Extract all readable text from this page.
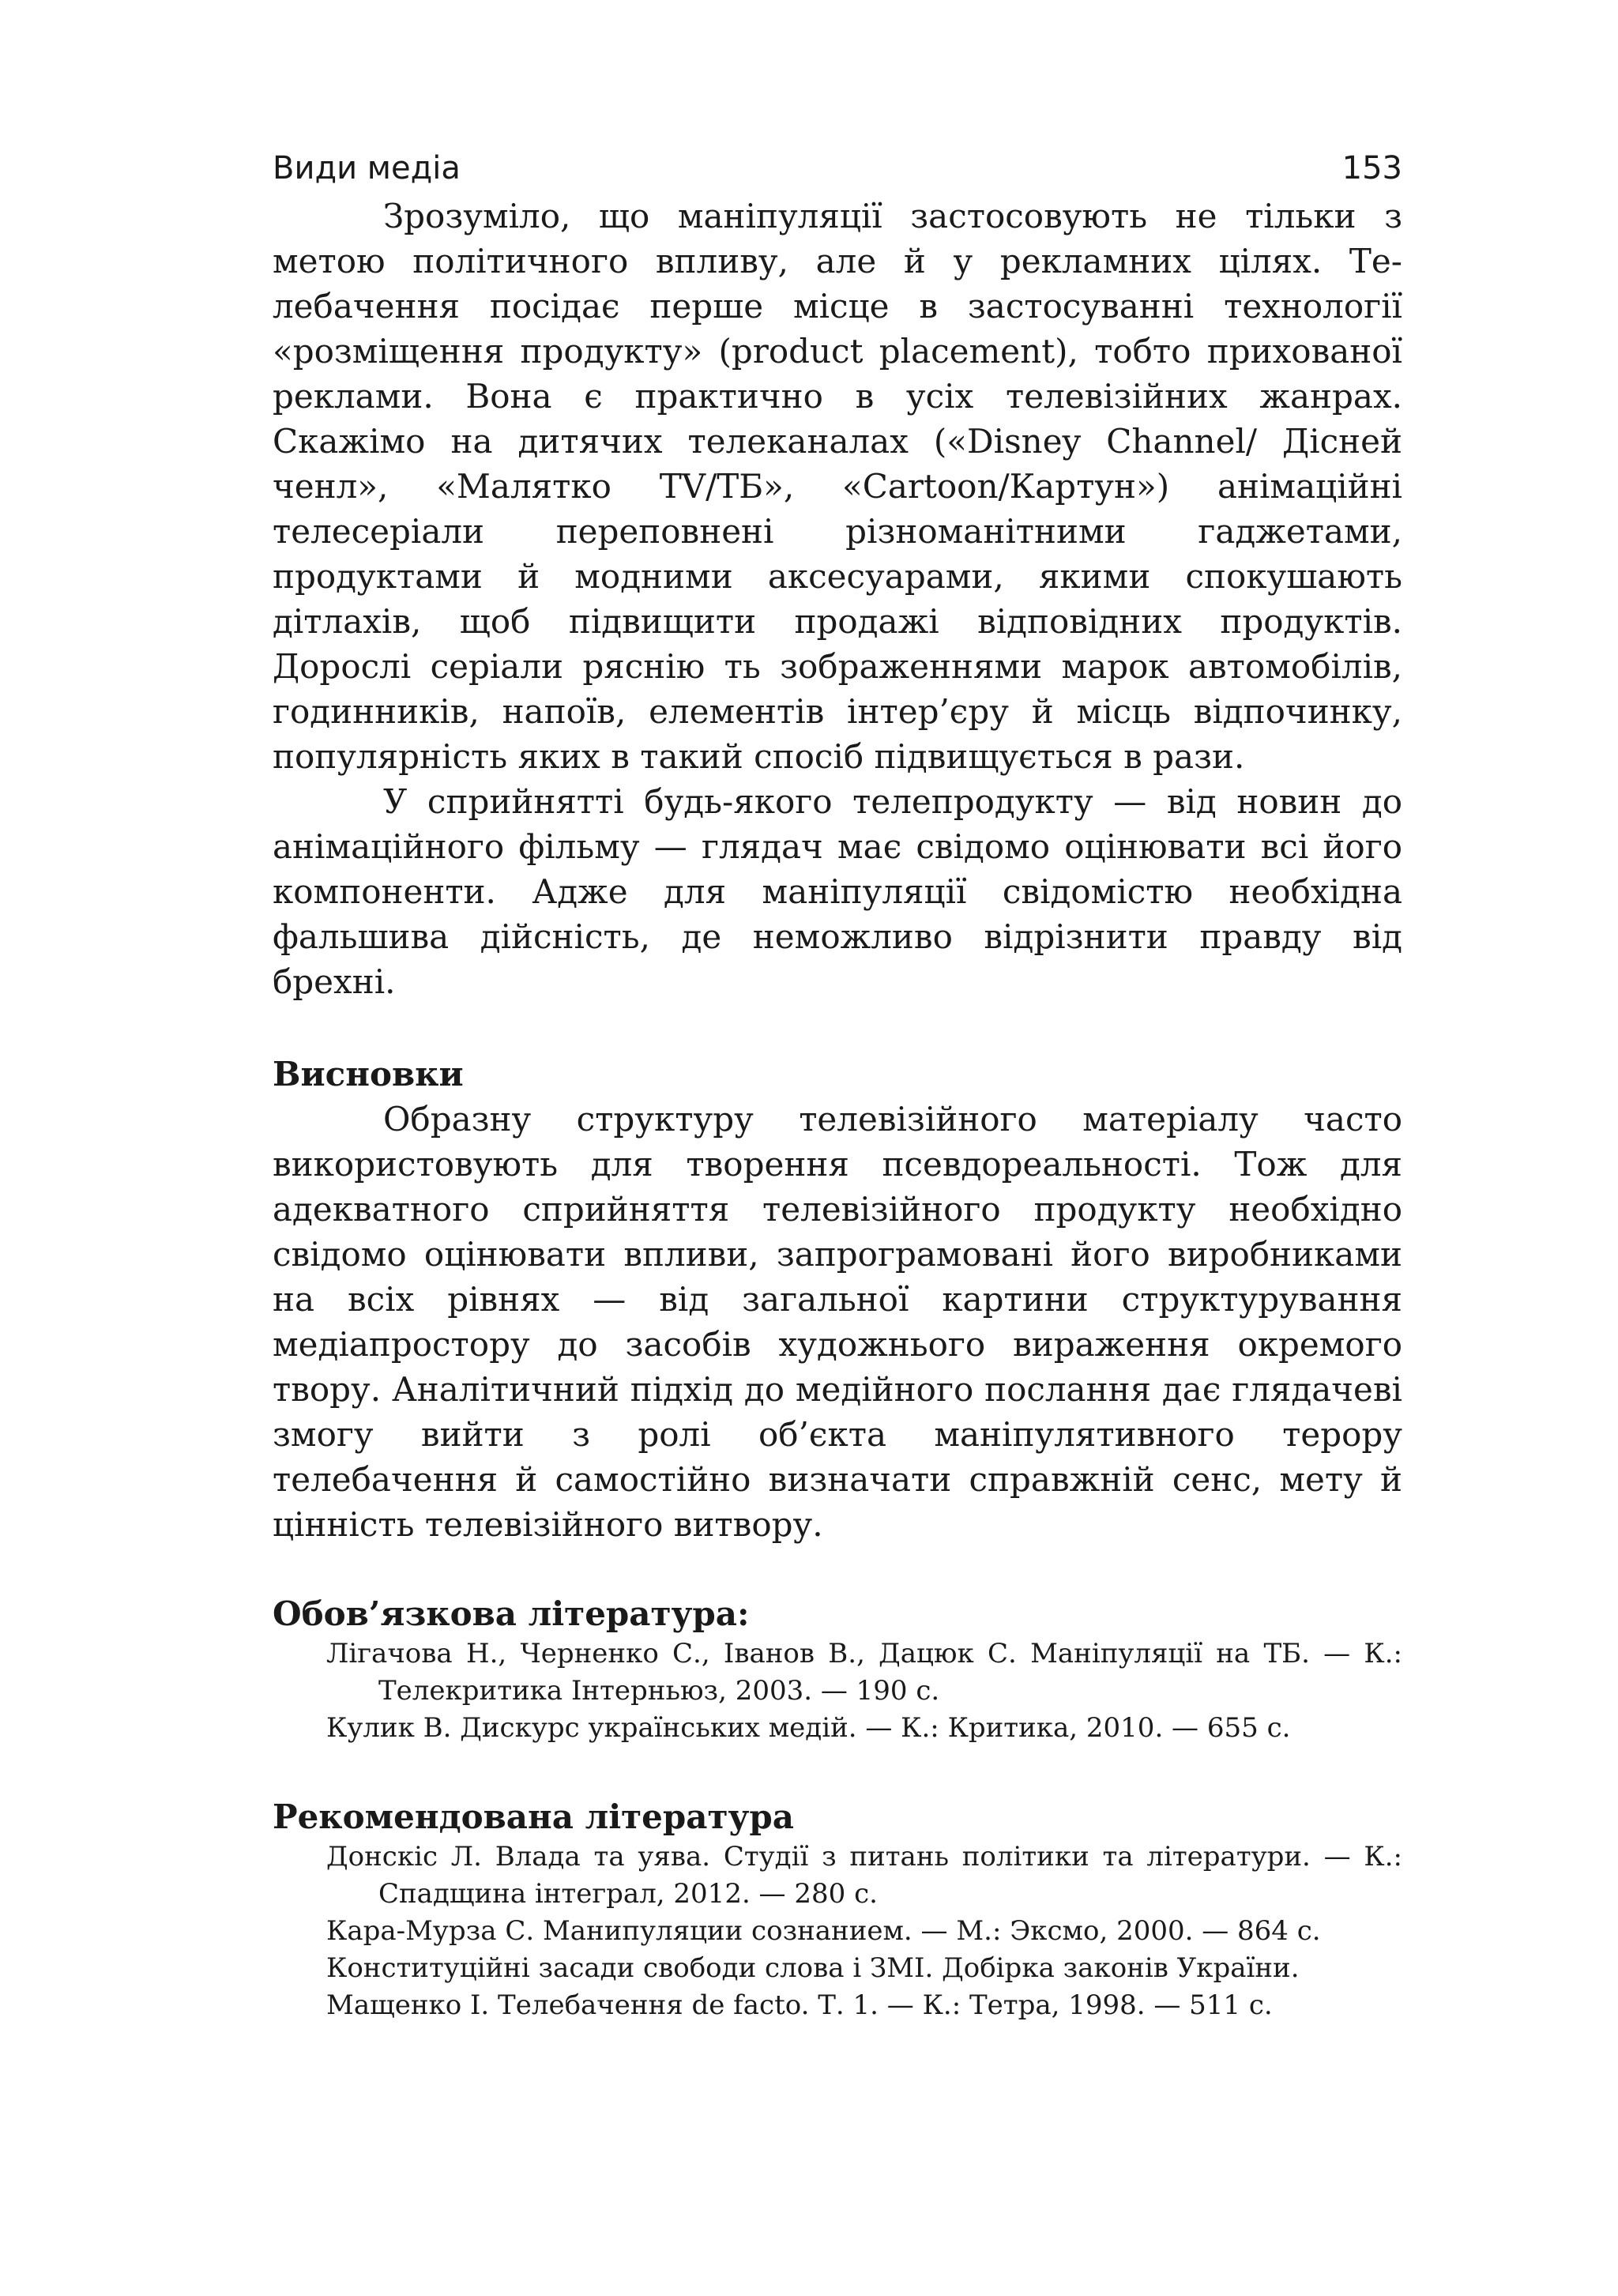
Види медіа	153

Зрозуміло, що маніпуляції застосовують не тільки з метою політичного впливу, але й у рекламних цілях. Телебачення посідає перше місце в застосуванні технології «розміщення продукту» (product placement), тобто прихованої реклами. Вона є практично в усіх телевізійних жанрах. Скажімо на дитячих телеканалах («Disney Channel/ Дісней ченл», «Малятко TV/ТБ», «Cartoon/Картун») анімаційні телесеріали переповнені різноманітними гаджетами, продуктами й модними аксесуарами, якими спокушають дітлахів, щоб підвищити продажі відповідних продуктів. Дорослі серіали ряснію ть зображеннями марок автомобілів, годинників, напоїв, елементів інтер’єру й місць відпочинку, популярність яких в такий спосіб підвищується в рази.

У сприйнятті будь-якого телепродукту — від новин до анімаційного фільму — глядач має свідомо оцінювати всі його компоненти. Адже для маніпуляції свідомістю необхідна фальшива дійсність, де неможливо відрізнити правду від брехні.

Висновки

Образну структуру телевізійного матеріалу часто використовують для творення псевдореальності. Тож для адекватного сприйняття телевізійного продукту необхідно свідомо оцінювати впливи, запрограмовані його виробниками на всіх рівнях — від загальної картини структурування медіапростору до засобів художнього вираження окремого твору. Аналітичний підхід до медійного послання дає глядачеві змогу вийти з ролі об’єкта маніпулятивного терору телебачення й самостійно визначати справжній сенс, мету й цінність телевізійного витвору.

Обов’язкова література:
Лігачова Н., Черненко С., Іванов В., Дацюк С. Маніпуляції на ТБ. — К.: Телекритика Інтерньюз, 2003. — 190 с.
Кулик В. Дискурс українських медій. — К.: Критика, 2010. — 655 с.
Рекомендована література
Донскіс Л. Влада та уява. Студії з питань політики та літератури. — К.: Спадщина інтеграл, 2012. — 280 с.
Кара-Мурза С. Манипуляции сознанием. — М.: Эксмо, 2000. — 864 с.
Конституційні засади свободи слова і ЗМІ. Добірка законів України.
Мащенко І. Телебачення de facto. Т. 1. — К.: Тетра, 1998. — 511 с.
